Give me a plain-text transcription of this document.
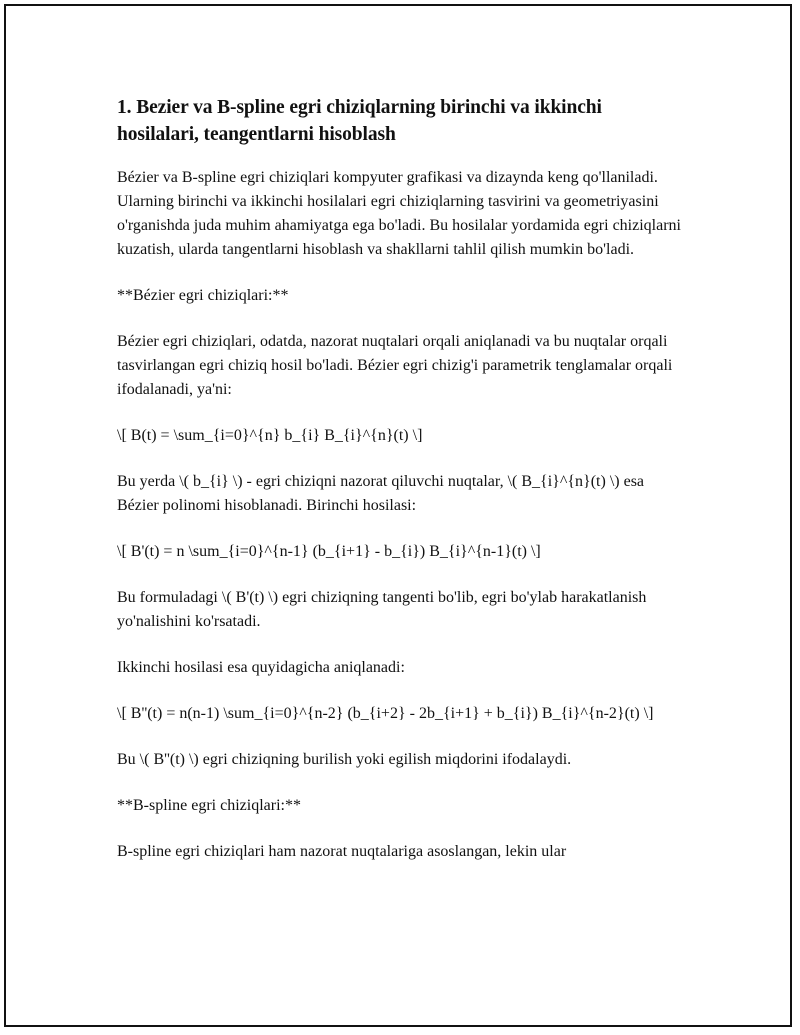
1. Bezier va B-spline egri chiziqlarning birinchi va ikkinchi hosilalari, teangentlarni hisoblash

Bézier va B-spline egri chiziqlari kompyuter grafikasi va dizaynda keng qo'llaniladi. Ularning birinchi va ikkinchi hosilalari egri chiziqlarning tasvirini va geometriyasini o'rganishda juda muhim ahamiyatga ega bo'ladi. Bu hosilalar yordamida egri chiziqlarni kuzatish, ularda tangentlarni hisoblash va shakllarni tahlil qilish mumkin bo'ladi.

**Bézier egri chiziqlari:**

Bézier egri chiziqlari, odatda, nazorat nuqtalari orqali aniqlanadi va bu nuqtalar orqali tasvirlangan egri chiziq hosil bo'ladi. Bézier egri chizig'i parametrik tenglamalar orqali ifodalanadi, ya'ni:

\[ B(t) = \sum_{i=0}^{n} b_{i} B_{i}^{n}(t) \]

Bu yerda \( b_{i} \) - egri chiziqni nazorat qiluvchi nuqtalar, \( B_{i}^{n}(t) \) esa Bézier polinomi hisoblanadi. Birinchi hosilasi:

\[ B'(t) = n \sum_{i=0}^{n-1} (b_{i+1} - b_{i}) B_{i}^{n-1}(t) \]

Bu formuladagi \( B'(t) \) egri chiziqning tangenti bo'lib, egri bo'ylab harakatlanish yo'nalishini ko'rsatadi.

Ikkinchi hosilasi esa quyidagicha aniqlanadi:

\[ B''(t) = n(n-1) \sum_{i=0}^{n-2} (b_{i+2} - 2b_{i+1} + b_{i}) B_{i}^{n-2}(t) \]

Bu \( B''(t) \) egri chiziqning burilish yoki egilish miqdorini ifodalaydi.

**B-spline egri chiziqlari:**

B-spline egri chiziqlari ham nazorat nuqtalariga asoslangan, lekin ular
